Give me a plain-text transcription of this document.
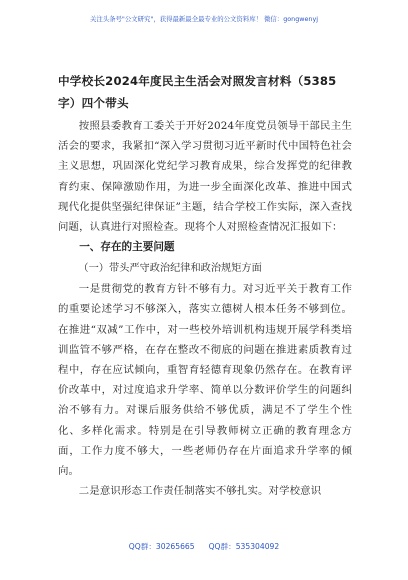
关注头条号"公文研究"，获得最新最全最专业的公文资料库！ 微信：gongwenyj

中学校长2024年度民主生活会对照发言材料（5385字）四个带头

按照县委教育工委关于开好2024年度党员领导干部民主生活会的要求，我紧扣“深入学习贯彻习近平新时代中国特色社会主义思想，巩固深化党纪学习教育成果，综合发挥党的纪律教育约束、保障激励作用，为进一步全面深化改革、推进中国式现代化提供坚强纪律保证”主题，结合学校工作实际，深入查找问题，认真进行对照检查。现将个人对照检查情况汇报如下：

一、存在的主要问题

（一）带头严守政治纪律和政治规矩方面

一是贯彻党的教育方针不够有力。对习近平关于教育工作的重要论述学习不够深入，落实立德树人根本任务不够到位。在推进“双减”工作中，对一些校外培训机构违规开展学科类培训监管不够严格，在存在整改不彻底的问题在推进素质教育过程中，存在应试倾向，重智育轻德育现象仍然存在。在教育评价改革中，对过度追求升学率、简单以分数评价学生的问题纠治不够有力。对课后服务供给不够优质，满足不了学生个性化、多样化需求。特别是在引导教师树立正确的教育理念方面，工作力度不够大，一些老师仍存在片面追求升学率的倾向。

二是意识形态工作责任制落实不够扎实。对学校意识

QQ群：30265665 QQ群：535304092
